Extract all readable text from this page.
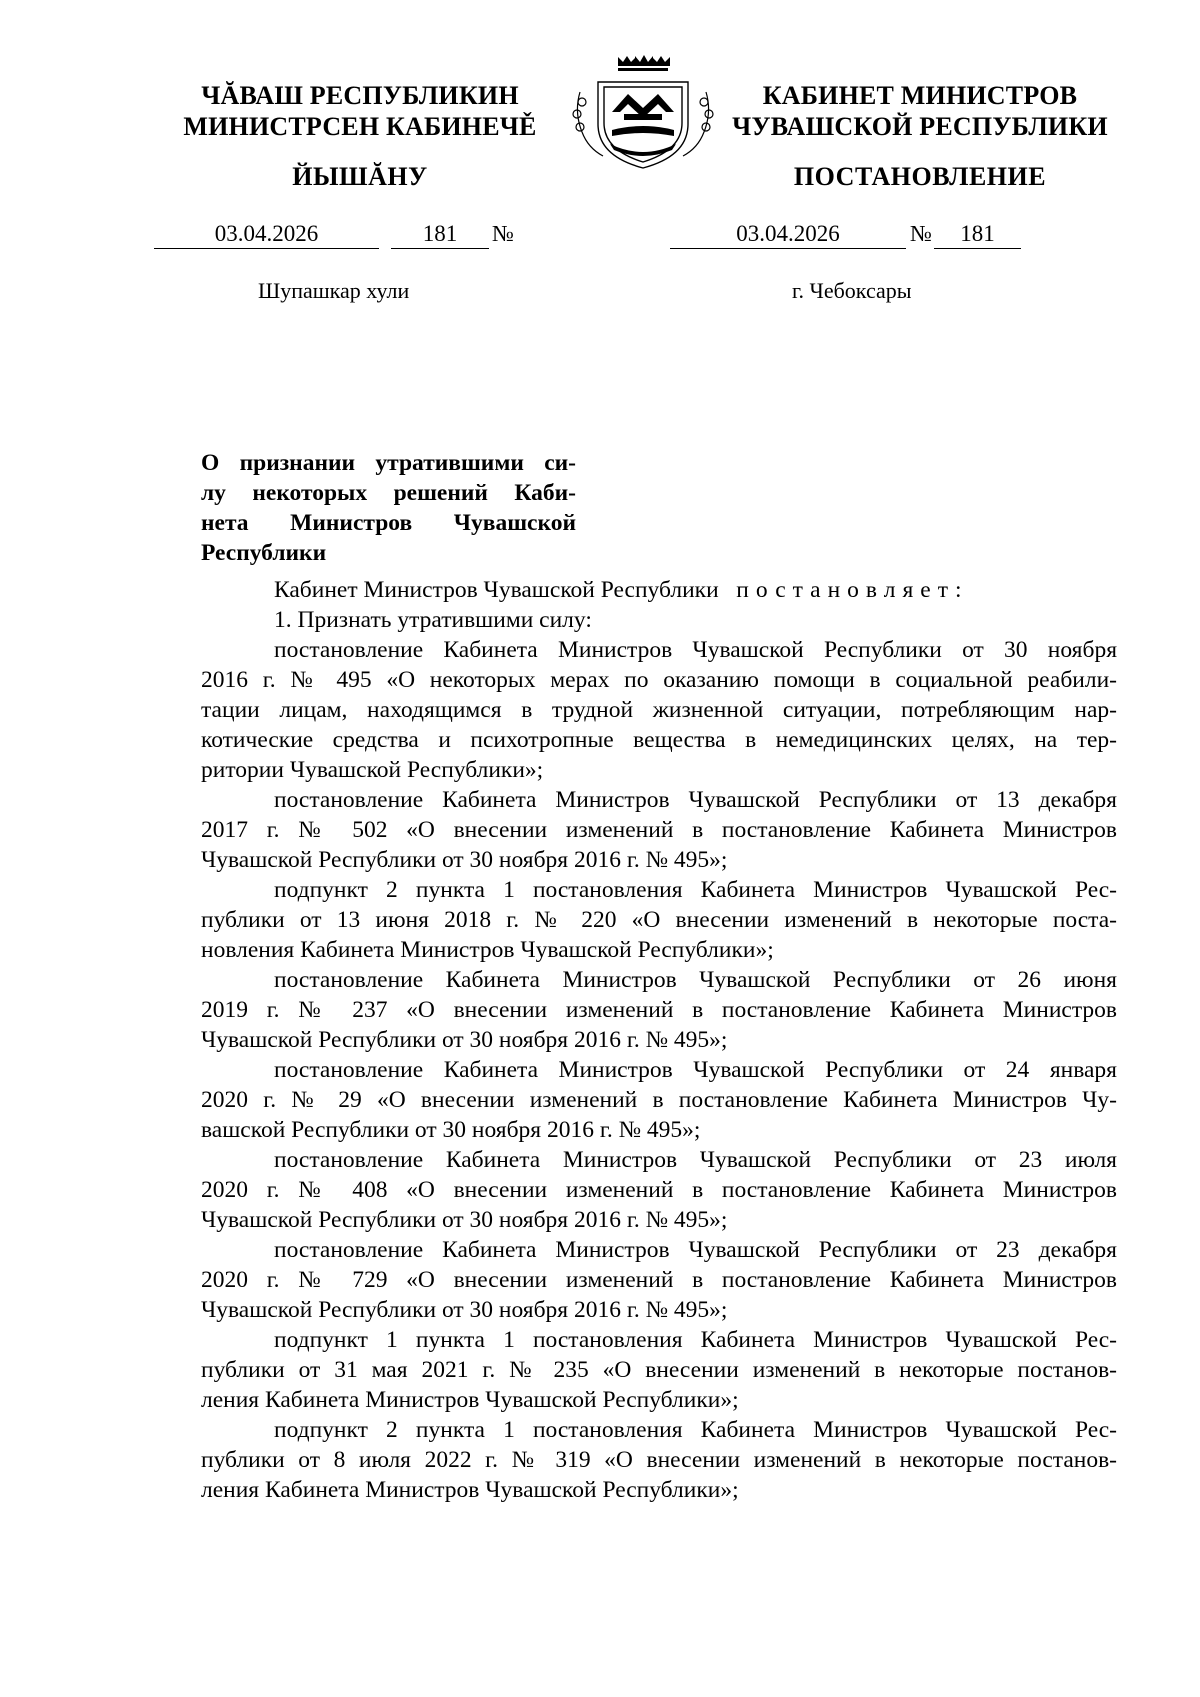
ЧĂВАШ РЕСПУБЛИКИН
МИНИСТРСЕН КАБИНЕЧĚ
ЙЫШĂНУ
КАБИНЕТ МИНИСТРОВ
ЧУВАШСКОЙ РЕСПУБЛИКИ
ПОСТАНОВЛЕНИЕ
03.04.2026	181	№	03.04.2026	№	181
Шупашкар хули	г. Чебоксары
О признании утратившими си-
лу некоторых решений Каби-
нета Министров Чувашской
Республики
Кабинет Министров Чувашской Республики постановляет:
1. Признать утратившими силу:
постановление Кабинета Министров Чувашской Республики от 30 ноября
2016 г. № 495 «О некоторых мерах по оказанию помощи в социальной реабили-
тации лицам, находящимся в трудной жизненной ситуации, потребляющим нар-
котические средства и психотропные вещества в немедицинских целях, на тер-
ритории Чувашской Республики»;
постановление Кабинета Министров Чувашской Республики от 13 декабря
2017 г. № 502 «О внесении изменений в постановление Кабинета Министров
Чувашской Республики от 30 ноября 2016 г. № 495»;
подпункт 2 пункта 1 постановления Кабинета Министров Чувашской Рес-
публики от 13 июня 2018 г. № 220 «О внесении изменений в некоторые поста-
новления Кабинета Министров Чувашской Республики»;
постановление Кабинета Министров Чувашской Республики от 26 июня
2019 г. № 237 «О внесении изменений в постановление Кабинета Министров
Чувашской Республики от 30 ноября 2016 г. № 495»;
постановление Кабинета Министров Чувашской Республики от 24 января
2020 г. № 29 «О внесении изменений в постановление Кабинета Министров Чу-
вашской Республики от 30 ноября 2016 г. № 495»;
постановление Кабинета Министров Чувашской Республики от 23 июля
2020 г. № 408 «О внесении изменений в постановление Кабинета Министров
Чувашской Республики от 30 ноября 2016 г. № 495»;
постановление Кабинета Министров Чувашской Республики от 23 декабря
2020 г. № 729 «О внесении изменений в постановление Кабинета Министров
Чувашской Республики от 30 ноября 2016 г. № 495»;
подпункт 1 пункта 1 постановления Кабинета Министров Чувашской Рес-
публики от 31 мая 2021 г. № 235 «О внесении изменений в некоторые постанов-
ления Кабинета Министров Чувашской Республики»;
подпункт 2 пункта 1 постановления Кабинета Министров Чувашской Рес-
публики от 8 июля 2022 г. № 319 «О внесении изменений в некоторые постанов-
ления Кабинета Министров Чувашской Республики»;
